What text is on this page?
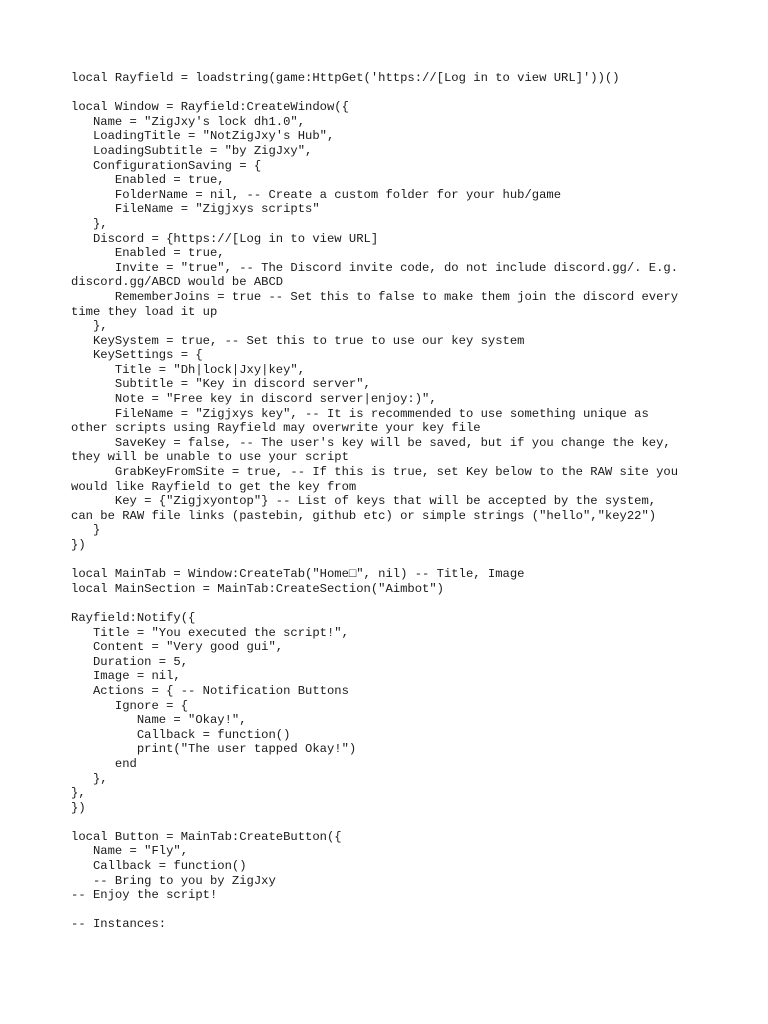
local Rayfield = loadstring(game:HttpGet('https://[Log in to view URL]'))()
local Window = Rayfield:CreateWindow({
Name = "ZigJxy's lock dh1.0",
LoadingTitle = "NotZigJxy's Hub",
LoadingSubtitle = "by ZigJxy",
ConfigurationSaving = {
Enabled = true,
FolderName = nil, -- Create a custom folder for your hub/game
FileName = "Zigjxys scripts"
},
Discord = {https://[Log in to view URL]
Enabled = true,
Invite = "true", -- The Discord invite code, do not include discord.gg/. E.g.
discord.gg/ABCD would be ABCD
RememberJoins = true -- Set this to false to make them join the discord every
time they load it up
},
KeySystem = true, -- Set this to true to use our key system
KeySettings = {
Title = "Dh|lock|Jxy|key",
Subtitle = "Key in discord server",
Note = "Free key in discord server|enjoy:)",
FileName = "Zigjxys key", -- It is recommended to use something unique as
other scripts using Rayfield may overwrite your key file
SaveKey = false, -- The user's key will be saved, but if you change the key,
they will be unable to use your script
GrabKeyFromSite = true, -- If this is true, set Key below to the RAW site you
would like Rayfield to get the key from
Key = {"Zigjxyontop"} -- List of keys that will be accepted by the system,
can be RAW file links (pastebin, github etc) or simple strings ("hello","key22")
}
})
local MainTab = Window:CreateTab("Home□", nil) -- Title, Image
local MainSection = MainTab:CreateSection("Aimbot")
Rayfield:Notify({
Title = "You executed the script!",
Content = "Very good gui",
Duration = 5,
Image = nil,
Actions = { -- Notification Buttons
Ignore = {
Name = "Okay!",
Callback = function()
print("The user tapped Okay!")
end
},
},
})
local Button = MainTab:CreateButton({
Name = "Fly",
Callback = function()
-- Bring to you by ZigJxy
-- Enjoy the script!
-- Instances:
